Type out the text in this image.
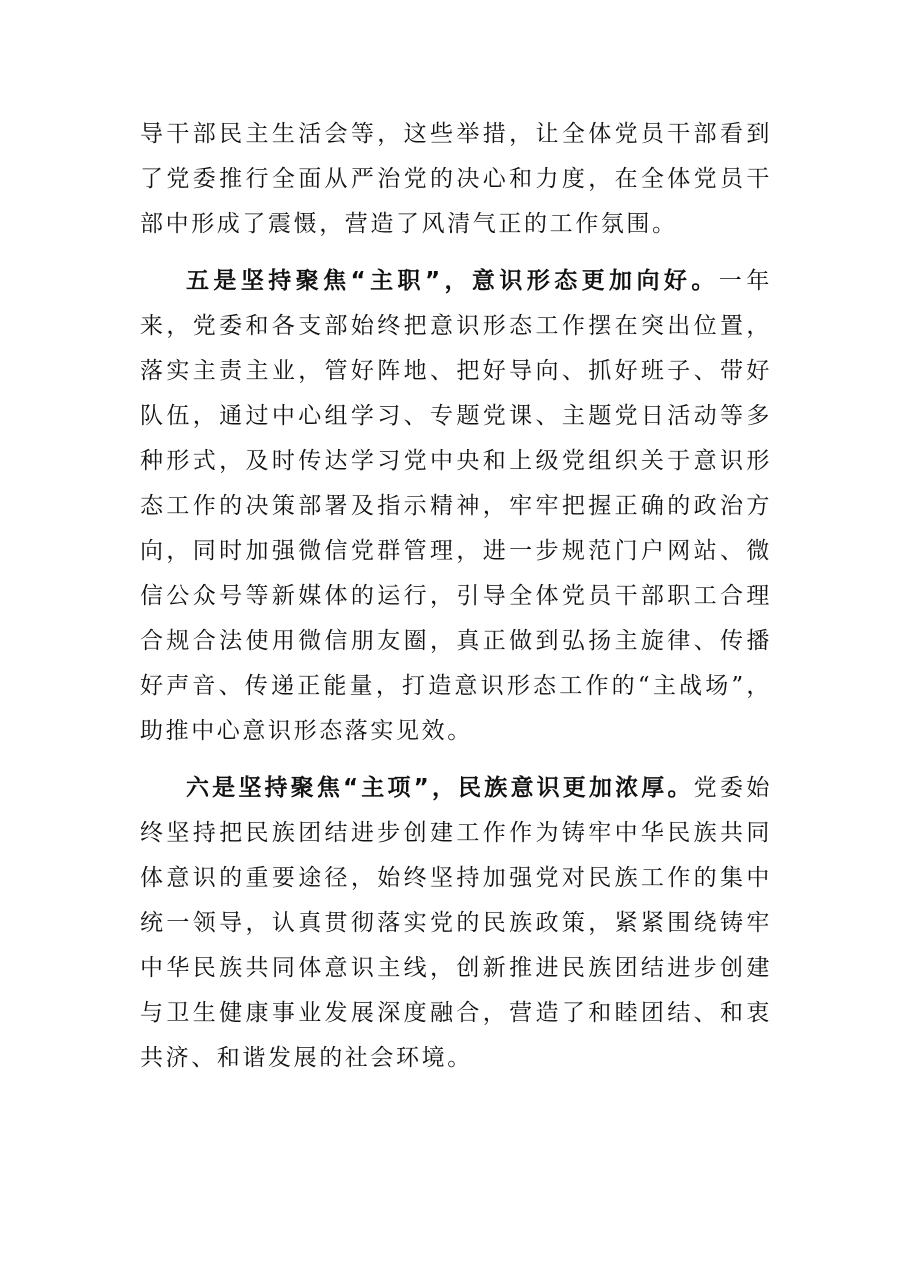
导干部民主生活会等，这些举措，让全体党员干部看到了党委推行全面从严治党的决心和力度，在全体党员干部中形成了震慑，营造了风清气正的工作氛围。

五是坚持聚焦“主职”，意识形态更加向好。一年来，党委和各支部始终把意识形态工作摆在突出位置，落实主责主业，管好阵地、把好导向、抓好班子、带好队伍，通过中心组学习、专题党课、主题党日活动等多种形式，及时传达学习党中央和上级党组织关于意识形态工作的决策部署及指示精神，牢牢把握正确的政治方向，同时加强微信党群管理，进一步规范门户网站、微信公众号等新媒体的运行，引导全体党员干部职工合理合规合法使用微信朋友圈，真正做到弘扬主旋律、传播好声音、传递正能量，打造意识形态工作的“主战场”，助推中心意识形态落实见效。

六是坚持聚焦“主项”，民族意识更加浓厚。党委始终坚持把民族团结进步创建工作作为铸牢中华民族共同体意识的重要途径，始终坚持加强党对民族工作的集中统一领导，认真贯彻落实党的民族政策，紧紧围绕铸牢中华民族共同体意识主线，创新推进民族团结进步创建与卫生健康事业发展深度融合，营造了和睦团结、和衷共济、和谐发展的社会环境。
